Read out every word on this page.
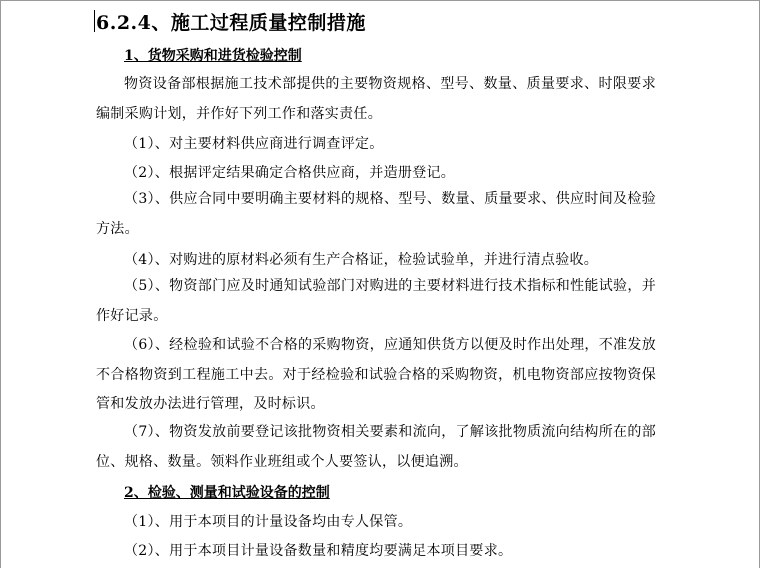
6.2.4、施工过程质量控制措施
1、货物采购和进货检验控制
物资设备部根据施工技术部提供的主要物资规格、型号、数量、质量要求、时限要求编制采购计划，并作好下列工作和落实责任。
（1）、对主要材料供应商进行调查评定。
（2）、根据评定结果确定合格供应商，并造册登记。
（3）、供应合同中要明确主要材料的规格、型号、数量、质量要求、供应时间及检验方法。
（4）、对购进的原材料必须有生产合格证，检验试验单，并进行清点验收。
（5）、物资部门应及时通知试验部门对购进的主要材料进行技术指标和性能试验，并作好记录。
（6）、经检验和试验不合格的采购物资，应通知供货方以便及时作出处理，不准发放不合格物资到工程施工中去。对于经检验和试验合格的采购物资，机电物资部应按物资保管和发放办法进行管理，及时标识。
（7）、物资发放前要登记该批物资相关要素和流向，了解该批物质流向结构所在的部位、规格、数量。领料作业班组或个人要签认，以便追溯。
2、检验、测量和试验设备的控制
（1）、用于本项目的计量设备均由专人保管。
（2）、用于本项目计量设备数量和精度均要满足本项目要求。
